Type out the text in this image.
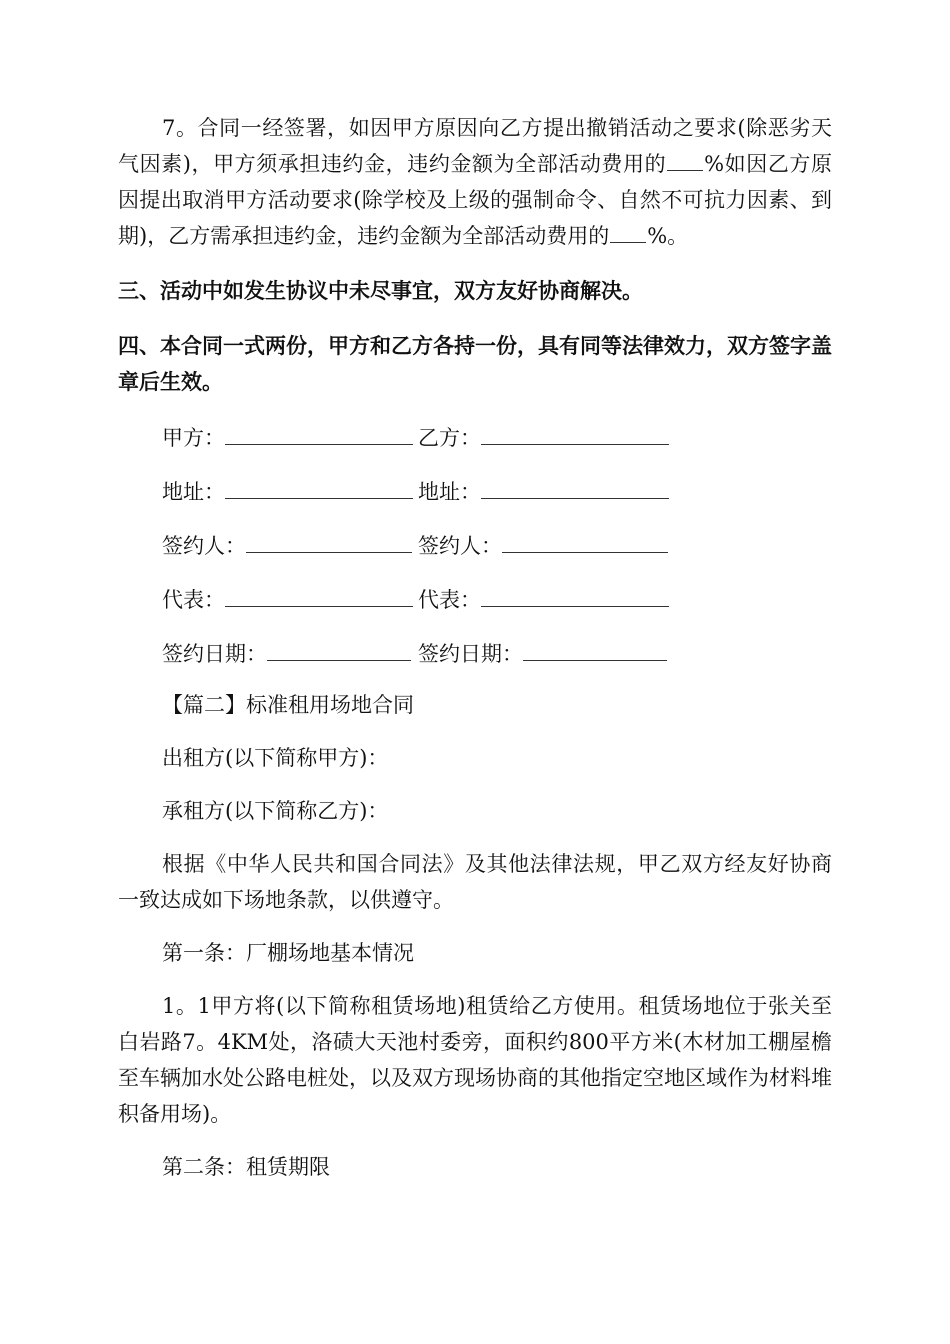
7。合同一经签署，如因甲方原因向乙方提出撤销活动之要求(除恶劣天气因素)，甲方须承担违约金，违约金额为全部活动费用的 %如因乙方原因提出取消甲方活动要求(除学校及上级的强制命令、自然不可抗力因素、到期)，乙方需承担违约金，违约金额为全部活动费用的 %。

三、活动中如发生协议中未尽事宜，双方友好协商解决。

四、本合同一式两份，甲方和乙方各持一份，具有同等法律效力，双方签字盖章后生效。

甲方：	乙方：
地址：	地址：
签约人：	签约人：
代表：	代表：
签约日期：	签约日期：

【篇二】标准租用场地合同

出租方(以下简称甲方)：

承租方(以下简称乙方)：

根据《中华人民共和国合同法》及其他法律法规，甲乙双方经友好协商一致达成如下场地条款，以供遵守。

第一条：厂棚场地基本情况

1。1甲方将(以下简称租赁场地)租赁给乙方使用。租赁场地位于张关至白岩路7。4KM处，洛碛大天池村委旁，面积约800平方米(木材加工棚屋檐至车辆加水处公路电桩处，以及双方现场协商的其他指定空地区域作为材料堆积备用场)。

第二条：租赁期限
